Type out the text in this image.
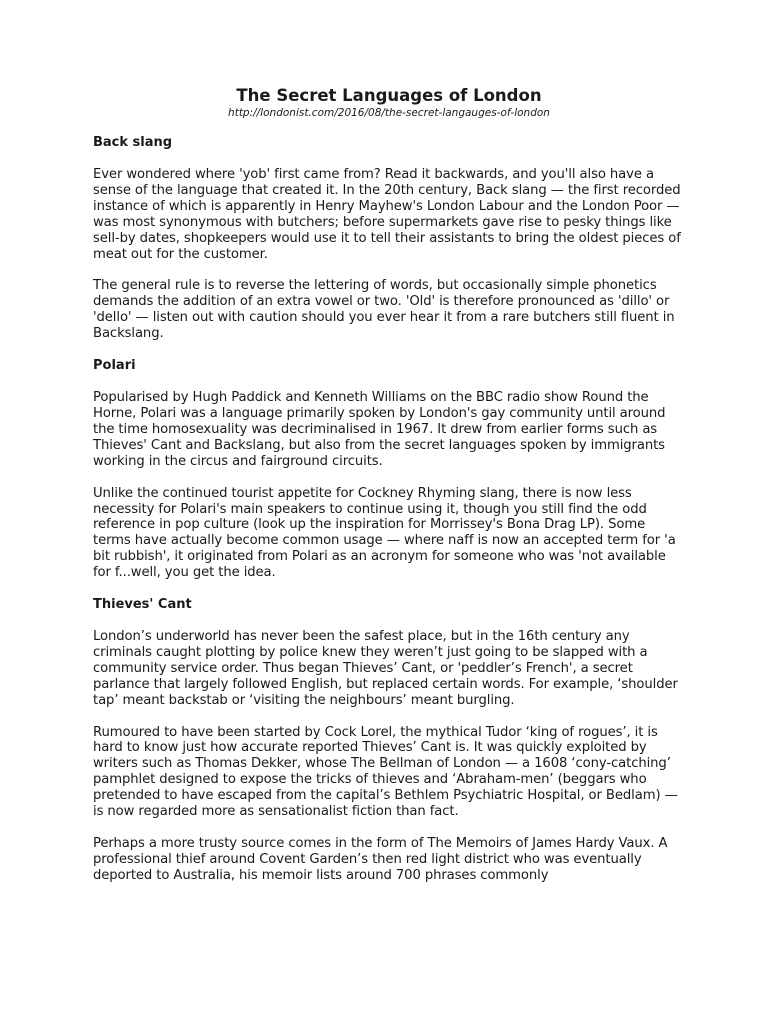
The Secret Languages of London

http://londonist.com/2016/08/the-secret-langauges-of-london

Back slang

Ever wondered where 'yob' first came from? Read it backwards, and you'll also have a sense of the language that created it. In the 20th century, Back slang — the first recorded instance of which is apparently in Henry Mayhew's London Labour and the London Poor — was most synonymous with butchers; before supermarkets gave rise to pesky things like sell-by dates, shopkeepers would use it to tell their assistants to bring the oldest pieces of meat out for the customer.

The general rule is to reverse the lettering of words, but occasionally simple phonetics demands the addition of an extra vowel or two. 'Old' is therefore pronounced as 'dillo' or 'dello' — listen out with caution should you ever hear it from a rare butchers still fluent in Backslang.

Polari

Popularised by Hugh Paddick and Kenneth Williams on the BBC radio show Round the Horne, Polari was a language primarily spoken by London's gay community until around the time homosexuality was decriminalised in 1967. It drew from earlier forms such as Thieves' Cant and Backslang, but also from the secret languages spoken by immigrants working in the circus and fairground circuits.

Unlike the continued tourist appetite for Cockney Rhyming slang, there is now less necessity for Polari's main speakers to continue using it, though you still find the odd reference in pop culture (look up the inspiration for Morrissey's Bona Drag LP). Some terms have actually become common usage — where naff is now an accepted term for 'a bit rubbish', it originated from Polari as an acronym for someone who was 'not available for f...well, you get the idea.

Thieves' Cant

London’s underworld has never been the safest place, but in the 16th century any criminals caught plotting by police knew they weren’t just going to be slapped with a community service order. Thus began Thieves’ Cant, or 'peddler’s French', a secret parlance that largely followed English, but replaced certain words. For example, ‘shoulder tap’ meant backstab or ‘visiting the neighbours’ meant burgling.

Rumoured to have been started by Cock Lorel, the mythical Tudor ‘king of rogues’, it is hard to know just how accurate reported Thieves’ Cant is. It was quickly exploited by writers such as Thomas Dekker, whose The Bellman of London — a 1608 ‘cony-catching’ pamphlet designed to expose the tricks of thieves and ‘Abraham-men’ (beggars who pretended to have escaped from the capital’s Bethlem Psychiatric Hospital, or Bedlam) — is now regarded more as sensationalist fiction than fact.

Perhaps a more trusty source comes in the form of The Memoirs of James Hardy Vaux. A professional thief around Covent Garden’s then red light district who was eventually deported to Australia, his memoir lists around 700 phrases commonly
